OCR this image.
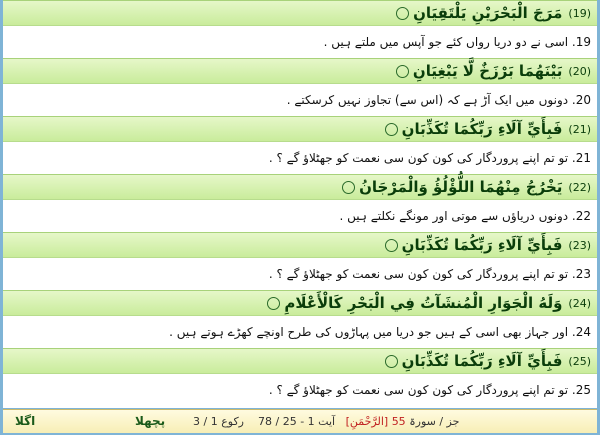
(19)
مَرَجَ الْبَحْرَيْنِ يَلْتَقِيَانِ
19
. اسی نے دو دریا رواں کئے جو آپس میں ملتے ہیں .
(20)
بَيْنَهُمَا بَرْزَخٌ لَّا يَبْغِيَانِ
20
. دونوں میں ایک آڑ ہے کہ (اس سے) تجاوز نہیں کرسکتے .
(21)
فَبِأَيِّ آلَاءِ رَبِّكُمَا تُكَذِّبَانِ
21
. تو تم اپنے پروردگار کی کون کون سی نعمت کو جھٹلاؤ گے ؟ .
(22)
يَخْرُجُ مِنْهُمَا اللُّؤْلُؤُ وَالْمَرْجَانُ
22
. دونوں دریاؤں سے موتی اور مونگے نکلتے ہیں .
(23)
فَبِأَيِّ آلَاءِ رَبِّكُمَا تُكَذِّبَانِ
23
. تو تم اپنے پروردگار کی کون کون سی نعمت کو جھٹلاؤ گے ؟ .
(24)
وَلَهُ الْجَوَارِ الْمُنشَآتُ فِي الْبَحْرِ كَالْأَعْلَامِ
24
. اور جہاز بھی اسی کے ہیں جو دریا میں پہاڑوں کی طرح اونچے کھڑے ہوتے ہیں .
(25)
فَبِأَيِّ آلَاءِ رَبِّكُمَا تُكَذِّبَانِ
25
. تو تم اپنے پروردگار کی کون کون سی نعمت کو جھٹلاؤ گے ؟ .
اگلا	پچھلا	جز / سورۃ 55 [الرَّحْمَنِ]   آیت 1 - 25 / 78    رکوع 1 / 3
